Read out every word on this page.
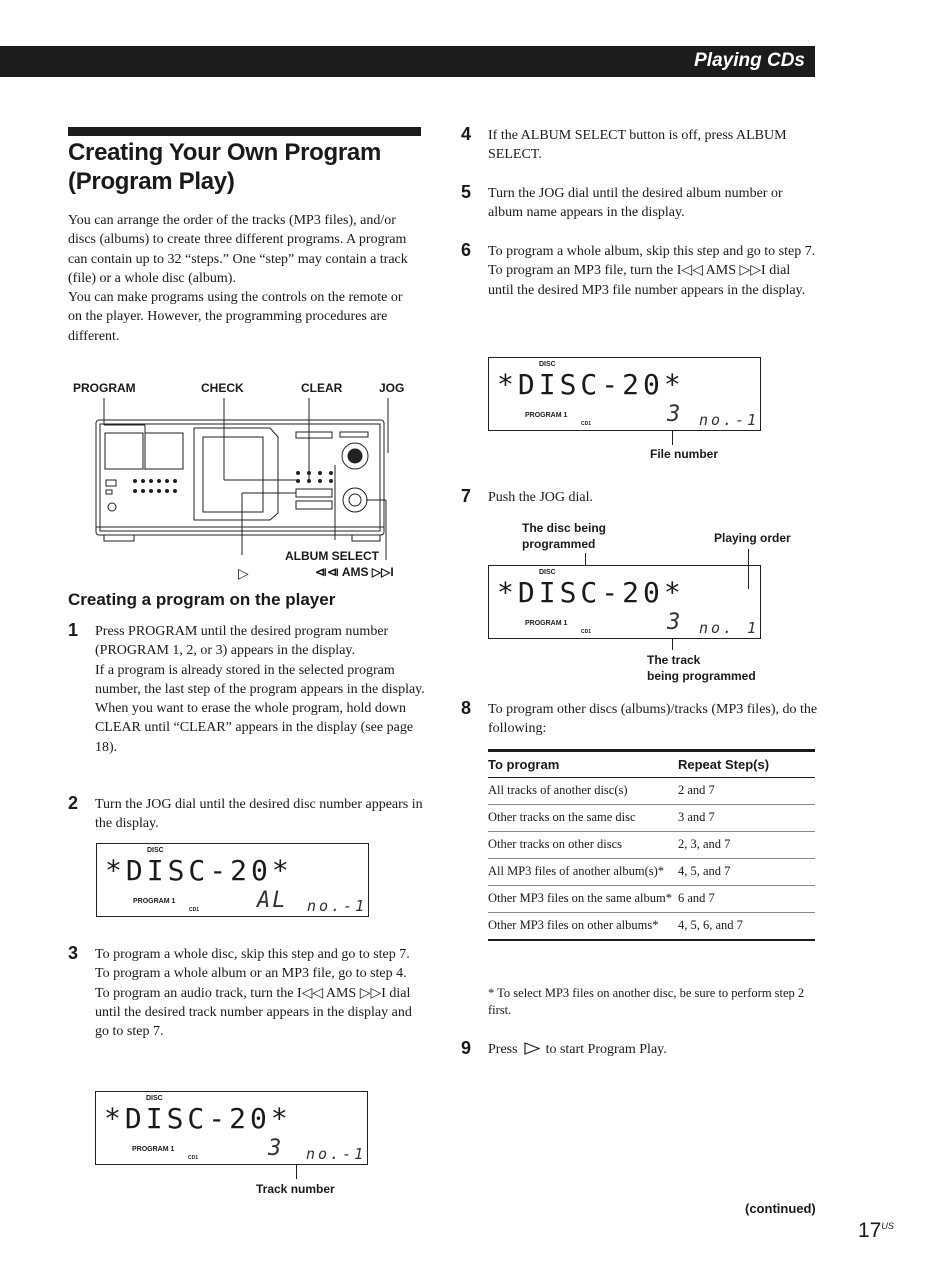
Playing CDs
Creating Your Own Program
(Program Play)

You can arrange the order of the tracks (MP3 files), and/or discs (albums) to create three different programs. A program can contain up to 32 “steps.” One “step” may contain a track (file) or a whole disc (album).

You can make programs using the controls on the remote or on the player. However, the programming procedures are different.

PROGRAM	CHECK	CLEAR	JOG
ALBUM SELECT
▷	⧏⧏ AMS ▷▷I
Creating a program on the player
1 Press PROGRAM until the desired program number (PROGRAM 1, 2, or 3) appears in the display.

If a program is already stored in the selected program number, the last step of the program appears in the display. When you want to erase the whole program, hold down CLEAR until “CLEAR” appears in the display (see page 18).

2 Turn the JOG dial until the desired disc number appears in the display.

DISC
*DISC-20*
PROGRAM 1
CD1	AL no.-1
3 To program a whole disc, skip this step and go to step 7.

To program a whole album or an MP3 file, go to step 4.

To program an audio track, turn the I◁◁ AMS ▷▷I dial until the desired track number appears in the display and go to step 7.

DISC
*DISC-20*
PROGRAM 1
CD1	3 no.-1
Track number
4 If the ALBUM SELECT button is off, press ALBUM SELECT.

5 Turn the JOG dial until the desired album number or album name appears in the display.

6 To program a whole album, skip this step and go to step 7.

To program an MP3 file, turn the I◁◁ AMS ▷▷I dial until the desired MP3 file number appears in the display.

DISC
*DISC-20*
PROGRAM 1
CD1	3 no.-1
File number
7 Push the JOG dial.

The disc being
programmed	Playing order
DISC
*DISC-20*
PROGRAM 1
CD1	3 no. 1
The track
being programmed
8 To program other discs (albums)/tracks (MP3 files), do the following:

To program	Repeat Step(s)
All tracks of another disc(s)	2 and 7
Other tracks on the same disc	3 and 7
Other tracks on other discs	2, 3, and 7
All MP3 files of another album(s)*	4, 5, and 7
Other MP3 files on the same album*	6 and 7
Other MP3 files on other albums*	4, 5, 6, and 7
* To select MP3 files on another disc, be sure to perform step 2 first.
9 Press to start Program Play.
(continued)
$17^{US}$
